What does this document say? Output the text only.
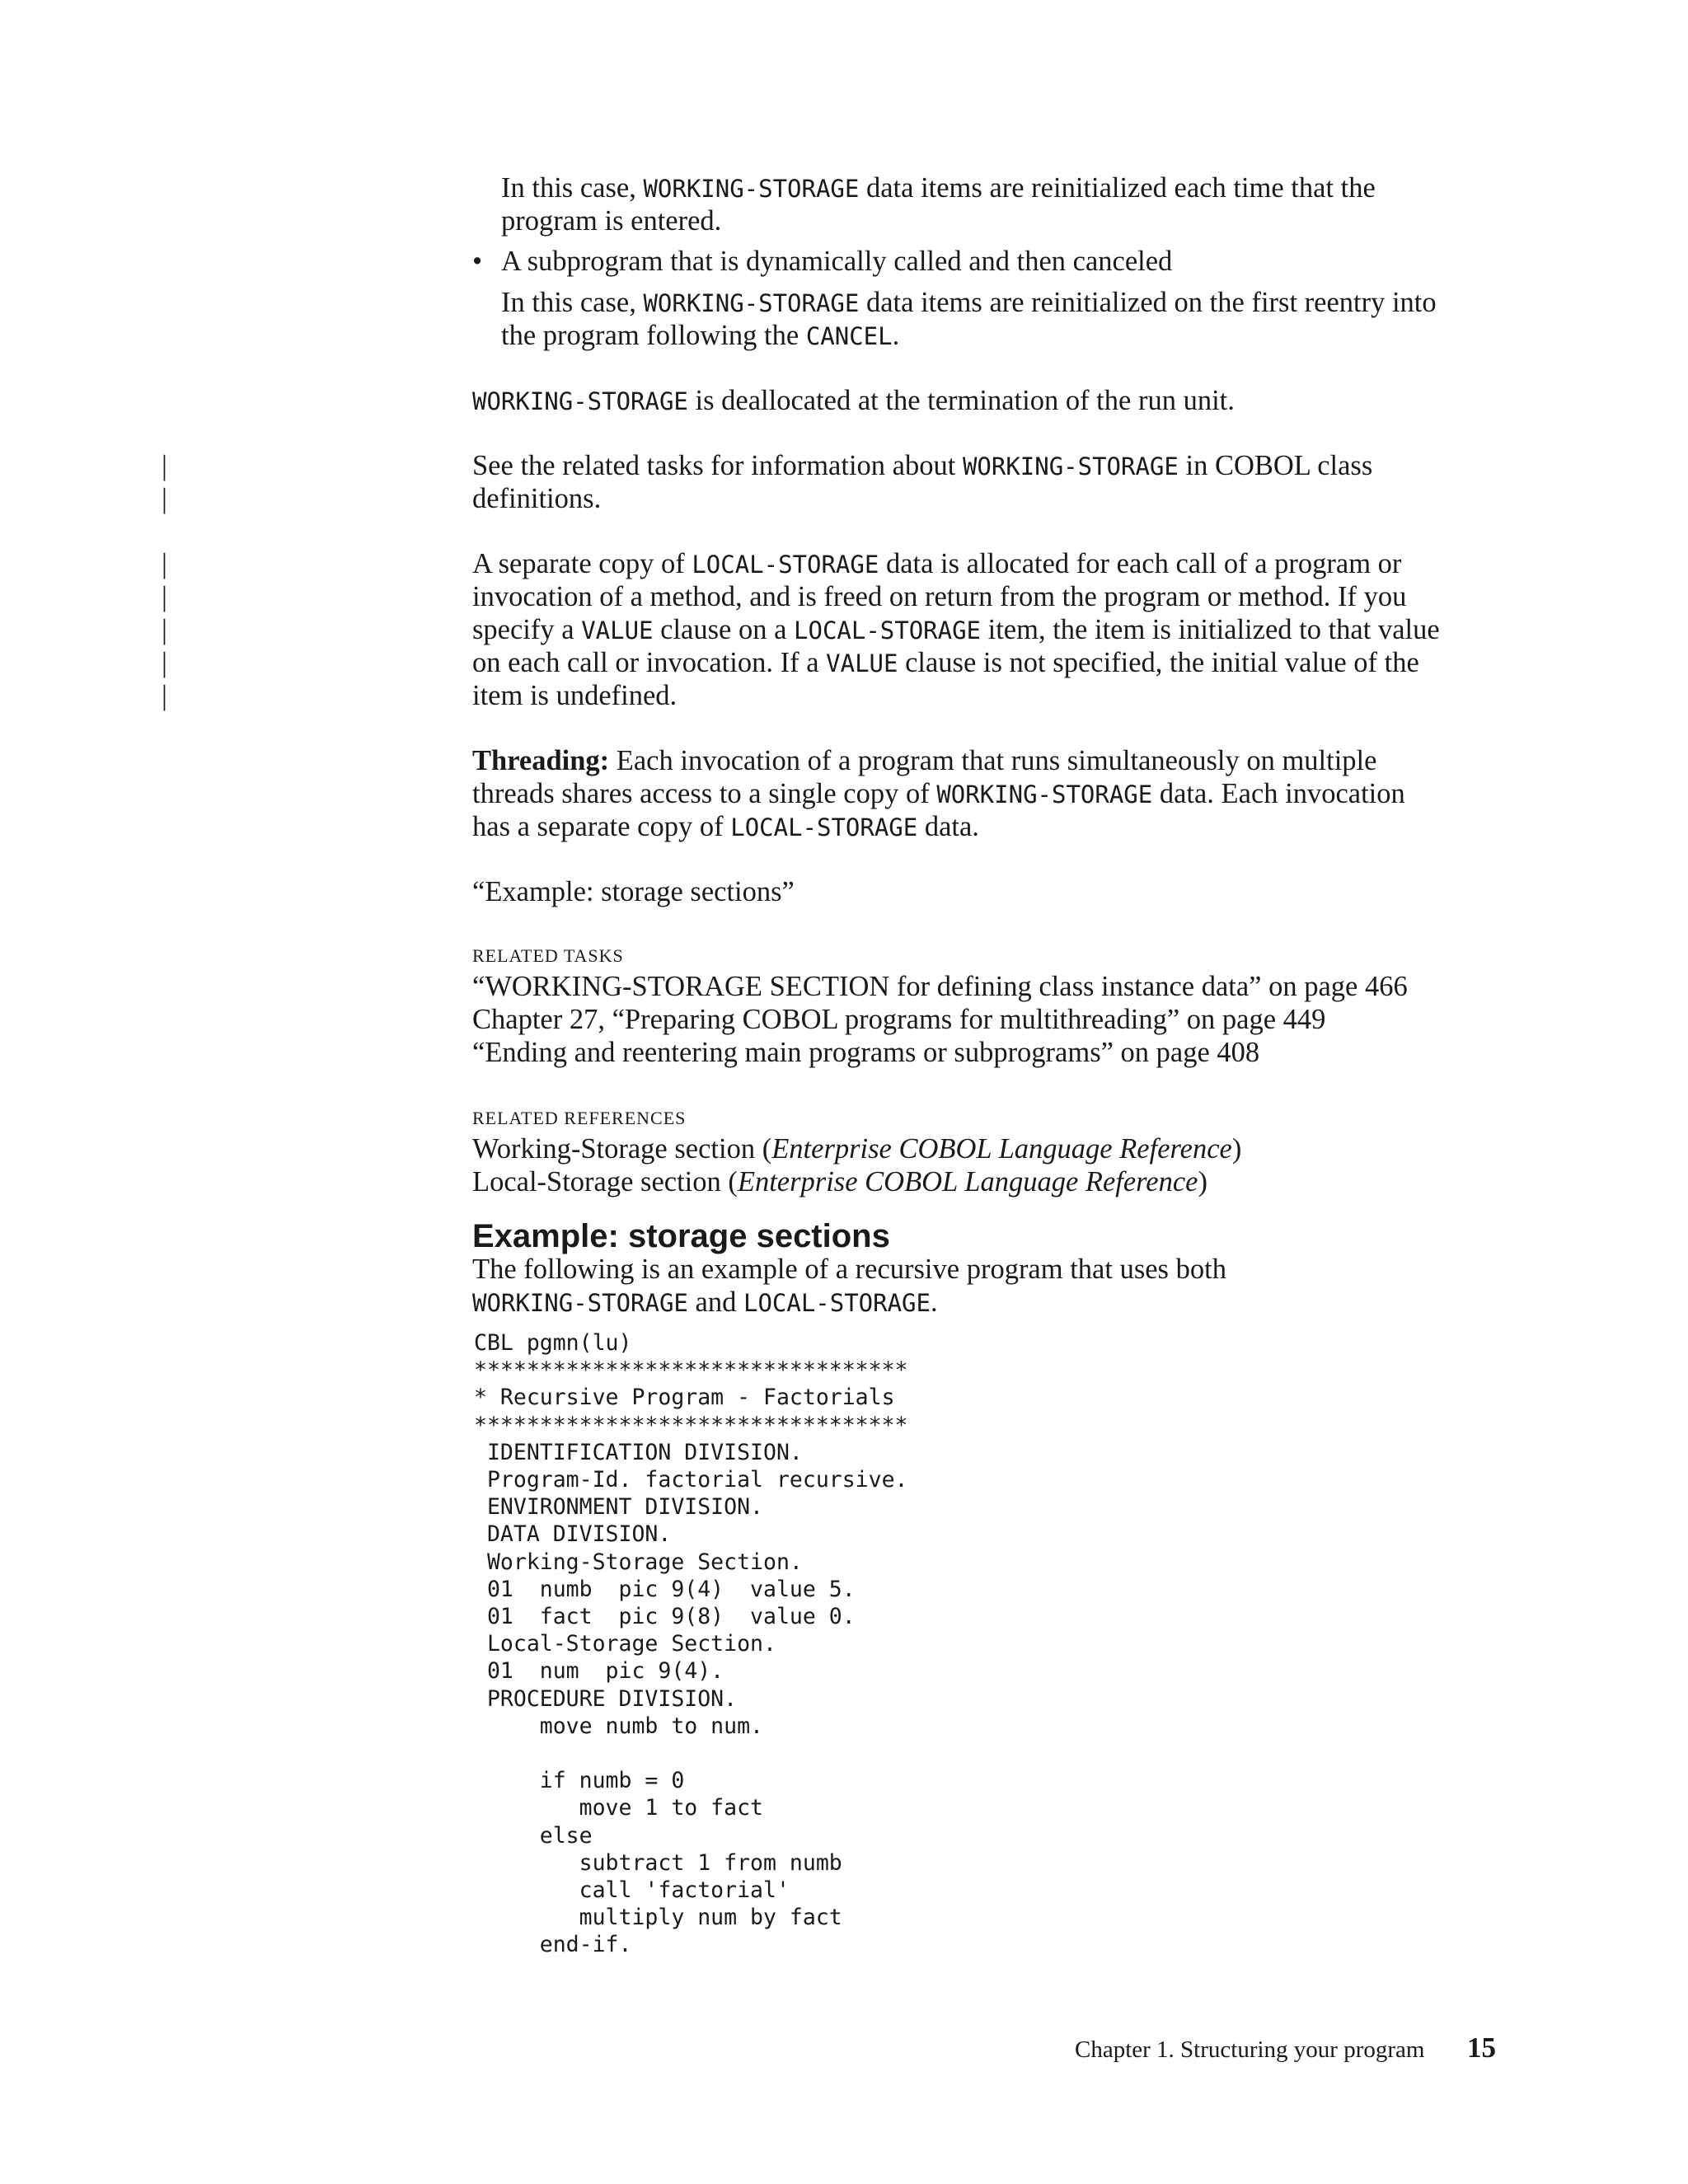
In this case, WORKING-STORAGE data items are reinitialized each time that the
program is entered.
• A subprogram that is dynamically called and then canceled
In this case, WORKING-STORAGE data items are reinitialized on the first reentry into
the program following the CANCEL.
WORKING-STORAGE is deallocated at the termination of the run unit.
|
|
See the related tasks for information about WORKING-STORAGE in COBOL class
definitions.
|
|
|
|
|
A separate copy of LOCAL-STORAGE data is allocated for each call of a program or
invocation of a method, and is freed on return from the program or method. If you
specify a VALUE clause on a LOCAL-STORAGE item, the item is initialized to that value
on each call or invocation. If a VALUE clause is not specified, the initial value of the
item is undefined.
Threading: Each invocation of a program that runs simultaneously on multiple
threads shares access to a single copy of WORKING-STORAGE data. Each invocation
has a separate copy of LOCAL-STORAGE data.
“Example: storage sections”
RELATED TASKS
“WORKING-STORAGE SECTION for defining class instance data” on page 466
Chapter 27, “Preparing COBOL programs for multithreading” on page 449
“Ending and reentering main programs or subprograms” on page 408
RELATED REFERENCES
Working-Storage section (Enterprise COBOL Language Reference)
Local-Storage section (Enterprise COBOL Language Reference)
Example: storage sections
The following is an example of a recursive program that uses both
WORKING-STORAGE and LOCAL-STORAGE.
CBL pgmn(lu)
*********************************
* Recursive Program - Factorials
*********************************
IDENTIFICATION DIVISION.
Program-Id. factorial recursive.
ENVIRONMENT DIVISION.
DATA DIVISION.
Working-Storage Section.
01  numb  pic 9(4)  value 5.
01  fact  pic 9(8)  value 0.
Local-Storage Section.
01  num  pic 9(4).
PROCEDURE DIVISION.
move numb to num.

if numb = 0
move 1 to fact
else
subtract 1 from numb
call 'factorial'
multiply num by fact
end-if.
Chapter 1. Structuring your program 15
